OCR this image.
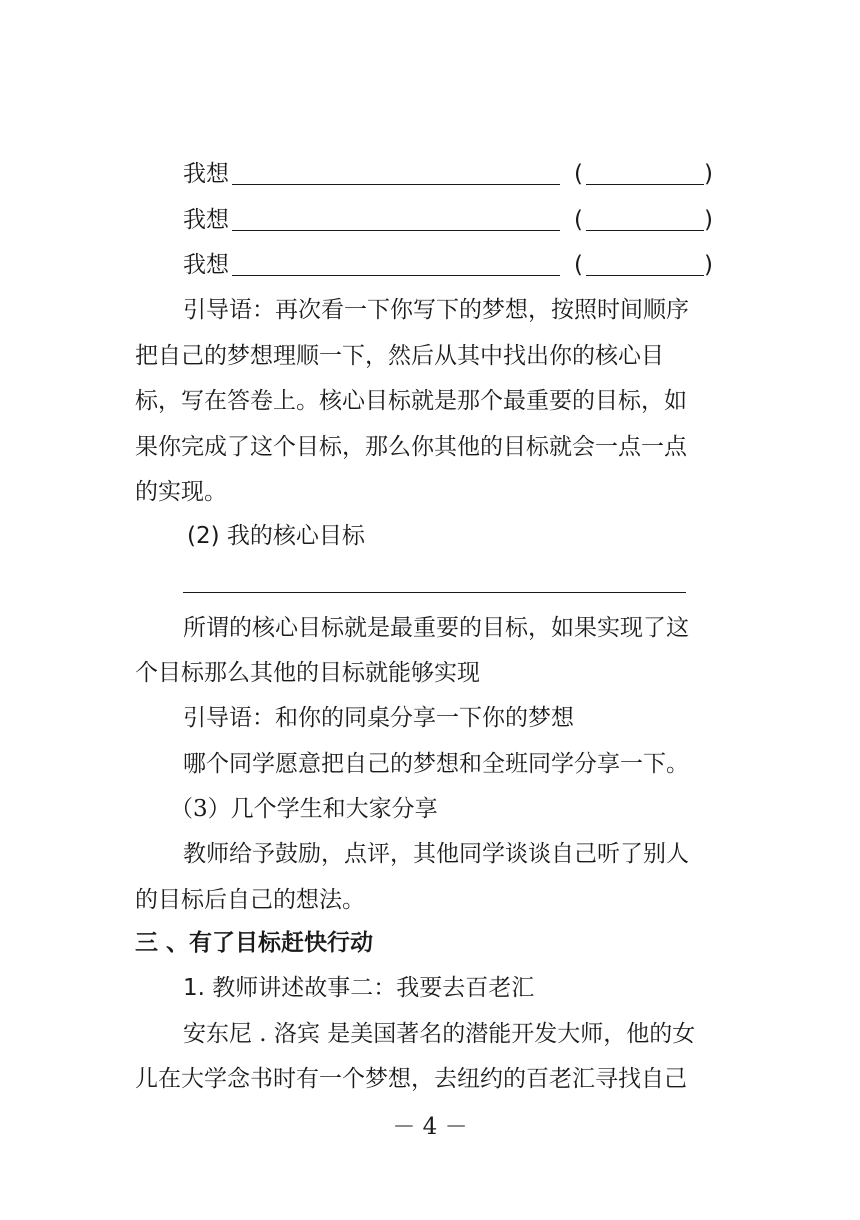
我想	(	)
我想	(	)
我想	(	)
引导语：再次看一下你写下的梦想，按照时间顺序
把自己的梦想理顺一下，然后从其中找出你的核心目
标，写在答卷上。核心目标就是那个最重要的目标，如
果你完成了这个目标，那么你其他的目标就会一点一点
的实现。
(2) 我的核心目标
所谓的核心目标就是最重要的目标，如果实现了这
个目标那么其他的目标就能够实现
引导语：和你的同桌分享一下你的梦想
哪个同学愿意把自己的梦想和全班同学分享一下。
（3）几个学生和大家分享
教师给予鼓励，点评，其他同学谈谈自己听了别人
的目标后自己的想法。
三 、有了目标赶快行动
1. 教师讲述故事二：我要去百老汇
安东尼 . 洛宾 是美国著名的潜能开发大师，他的女
儿在大学念书时有一个梦想，去纽约的百老汇寻找自己
－ 4 －
